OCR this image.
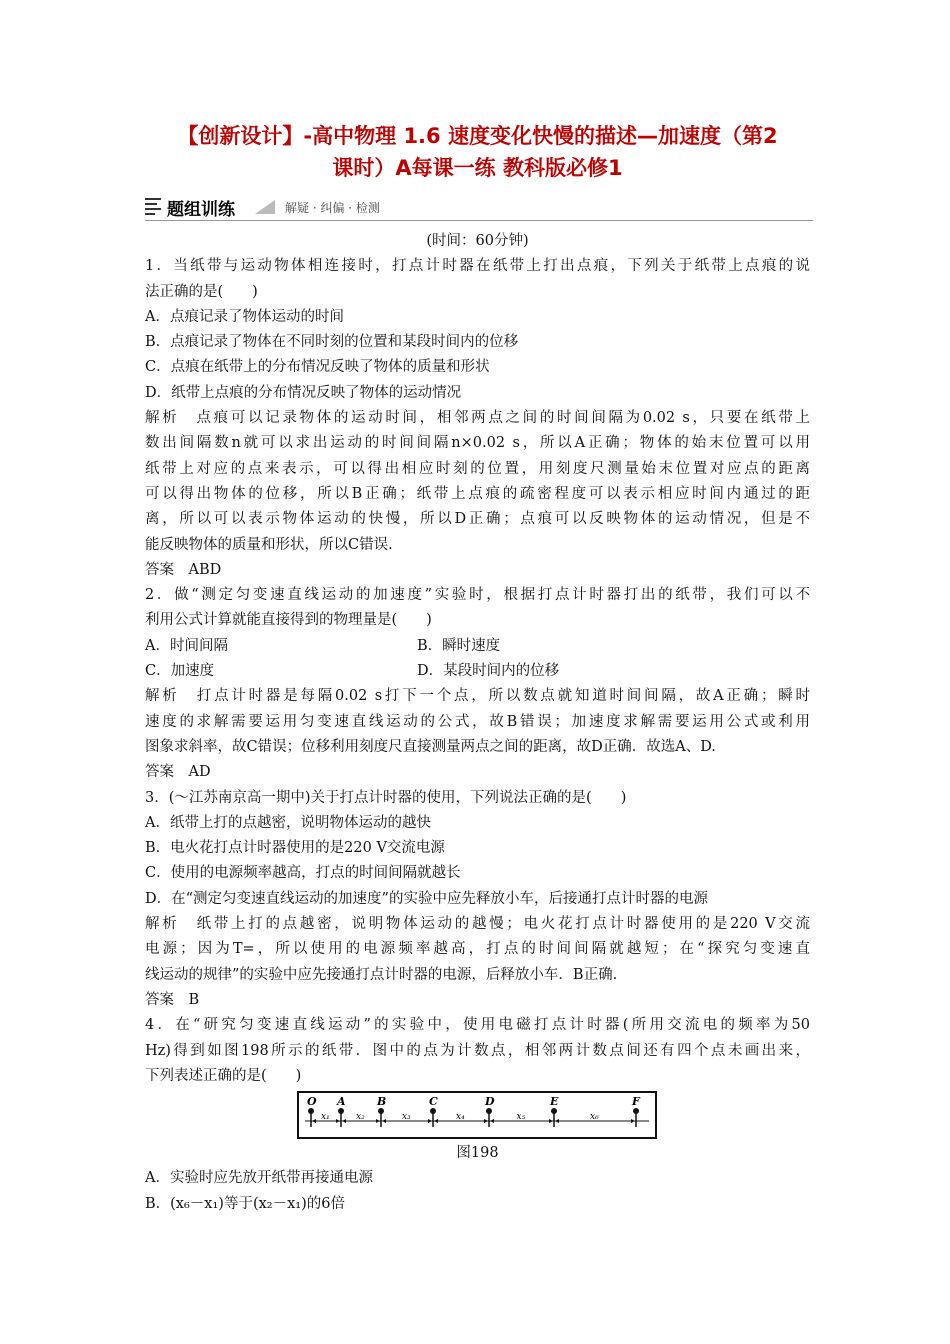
【创新设计】-高中物理 1.6 速度变化快慢的描述—加速度（第2
课时）A每课一练 教科版必修1
题组训练	解疑 · 纠偏 · 检测
(时间：60分钟)
1．当纸带与运动物体相连接时，打点计时器在纸带上打出点痕，下列关于纸带上点痕的说
法正确的是(　　)
A．点痕记录了物体运动的时间
B．点痕记录了物体在不同时刻的位置和某段时间内的位移
C．点痕在纸带上的分布情况反映了物体的质量和形状
D．纸带上点痕的分布情况反映了物体的运动情况
解析　点痕可以记录物体的运动时间，相邻两点之间的时间间隔为0.02 s，只要在纸带上
数出间隔数n就可以求出运动的时间间隔n×0.02 s，所以A正确；物体的始末位置可以用
纸带上对应的点来表示，可以得出相应时刻的位置，用刻度尺测量始末位置对应点的距离
可以得出物体的位移，所以B正确；纸带上点痕的疏密程度可以表示相应时间内通过的距
离，所以可以表示物体运动的快慢，所以D正确；点痕可以反映物体的运动情况，但是不
能反映物体的质量和形状，所以C错误.
答案　ABD
2．做“测定匀变速直线运动的加速度”实验时，根据打点计时器打出的纸带，我们可以不
利用公式计算就能直接得到的物理量是(　　)
A．时间间隔	B．瞬时速度
C．加速度	D．某段时间内的位移
解析　打点计时器是每隔0.02 s打下一个点，所以数点就知道时间间隔，故A正确；瞬时
速度的求解需要运用匀变速直线运动的公式，故B错误；加速度求解需要运用公式或利用
图象求斜率，故C错误；位移利用刻度尺直接测量两点之间的距离，故D正确．故选A、D.
答案　AD
3．(～江苏南京高一期中)关于打点计时器的使用，下列说法正确的是(　　)
A．纸带上打的点越密，说明物体运动的越快
B．电火花打点计时器使用的是220 V交流电源
C．使用的电源频率越高，打点的时间间隔就越长
D．在“测定匀变速直线运动的加速度”的实验中应先释放小车，后接通打点计时器的电源
解析　纸带上打的点越密，说明物体运动的越慢；电火花打点计时器使用的是220 V交流
电源；因为T=，所以使用的电源频率越高，打点的时间间隔就越短；在“探究匀变速直
线运动的规律”的实验中应先接通打点计时器的电源，后释放小车．B正确.
答案　B
4．在“研究匀变速直线运动”的实验中，使用电磁打点计时器(所用交流电的频率为50
Hz)得到如图198所示的纸带．图中的点为计数点，相邻两计数点间还有四个点未画出来，
下列表述正确的是(　　)
O A	B	C	D	E	F
x₁	x₂	x₃	x₄	x₅	x₆
图198
A．实验时应先放开纸带再接通电源
B．(x₆－x₁)等于(x₂－x₁)的6倍
